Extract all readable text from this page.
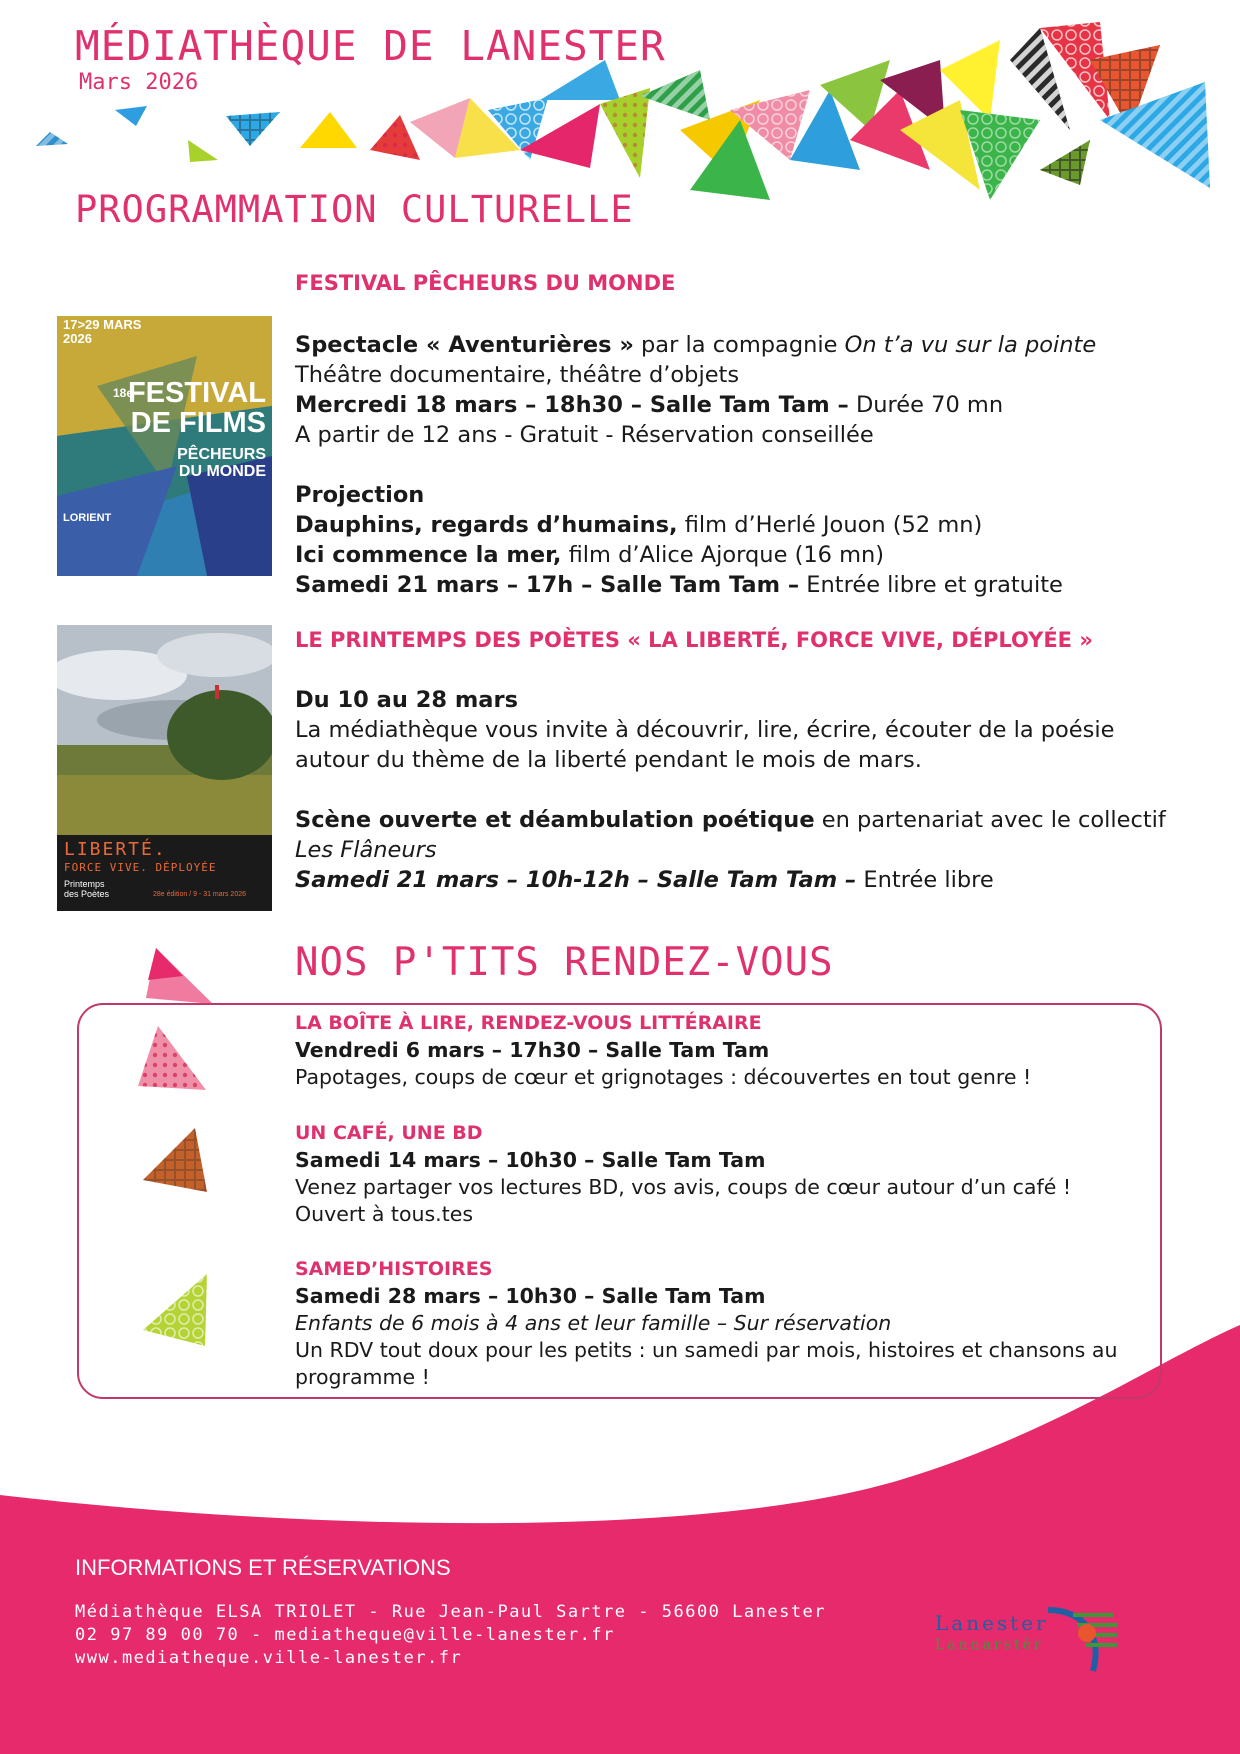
MÉDIATHÈQUE DE LANESTER
Mars 2026
PROGRAMMATION CULTURELLE
FESTIVAL PÊCHEURS DU MONDE
17>29 MARS 2026
18e
FESTIVAL
DE FILMS
PÊCHEURS
DU MONDE
LORIENT

Spectacle « Aventurières » par la compagnie On t’a vu sur la pointe

Théâtre documentaire, théâtre d’objets

Mercredi 18 mars – 18h30 – Salle Tam Tam – Durée 70 mn

A partir de 12 ans - Gratuit - Réservation conseillée

Projection

Dauphins, regards d’humains, film d’Herlé Jouon (52 mn)

Ici commence la mer, film d’Alice Ajorque (16 mn)

Samedi 21 mars – 17h – Salle Tam Tam – Entrée libre et gratuite

LE PRINTEMPS DES POÈTES « LA LIBERTÉ, FORCE VIVE, DÉPLOYÉE »
LIBERTÉ.
FORCE VIVE. DÉPLOYÉE
Printemps
des Poètes	28e édition / 9 - 31 mars 2026

Du 10 au 28 mars

La médiathèque vous invite à découvrir, lire, écrire, écouter de la poésie autour du thème de la liberté pendant le mois de mars.

Scène ouverte et déambulation poétique en partenariat avec le collectif

Les Flâneurs

Samedi 21 mars – 10h-12h – Salle Tam Tam – Entrée libre

NOS P'TITS RENDEZ-VOUS

LA BOÎTE À LIRE, RENDEZ-VOUS LITTÉRAIRE

Vendredi 6 mars – 17h30 – Salle Tam Tam

Papotages, coups de cœur et grignotages : découvertes en tout genre !

UN CAFÉ, UNE BD

Samedi 14 mars – 10h30 – Salle Tam Tam

Venez partager vos lectures BD, vos avis, coups de cœur autour d’un café ! Ouvert à tous.tes

SAMED’HISTOIRES

Samedi 28 mars – 10h30 – Salle Tam Tam

Enfants de 6 mois à 4 ans et leur famille – Sur réservation

Un RDV tout doux pour les petits : un samedi par mois, histoires et chansons au programme !

INFORMATIONS ET RÉSERVATIONS
Médiathèque ELSA TRIOLET - Rue Jean-Paul Sartre - 56600 Lanester
02 97 89 00 70 - mediatheque@ville-lanester.fr
www.mediatheque.ville-lanester.fr
Lanester
Lannarstêr
